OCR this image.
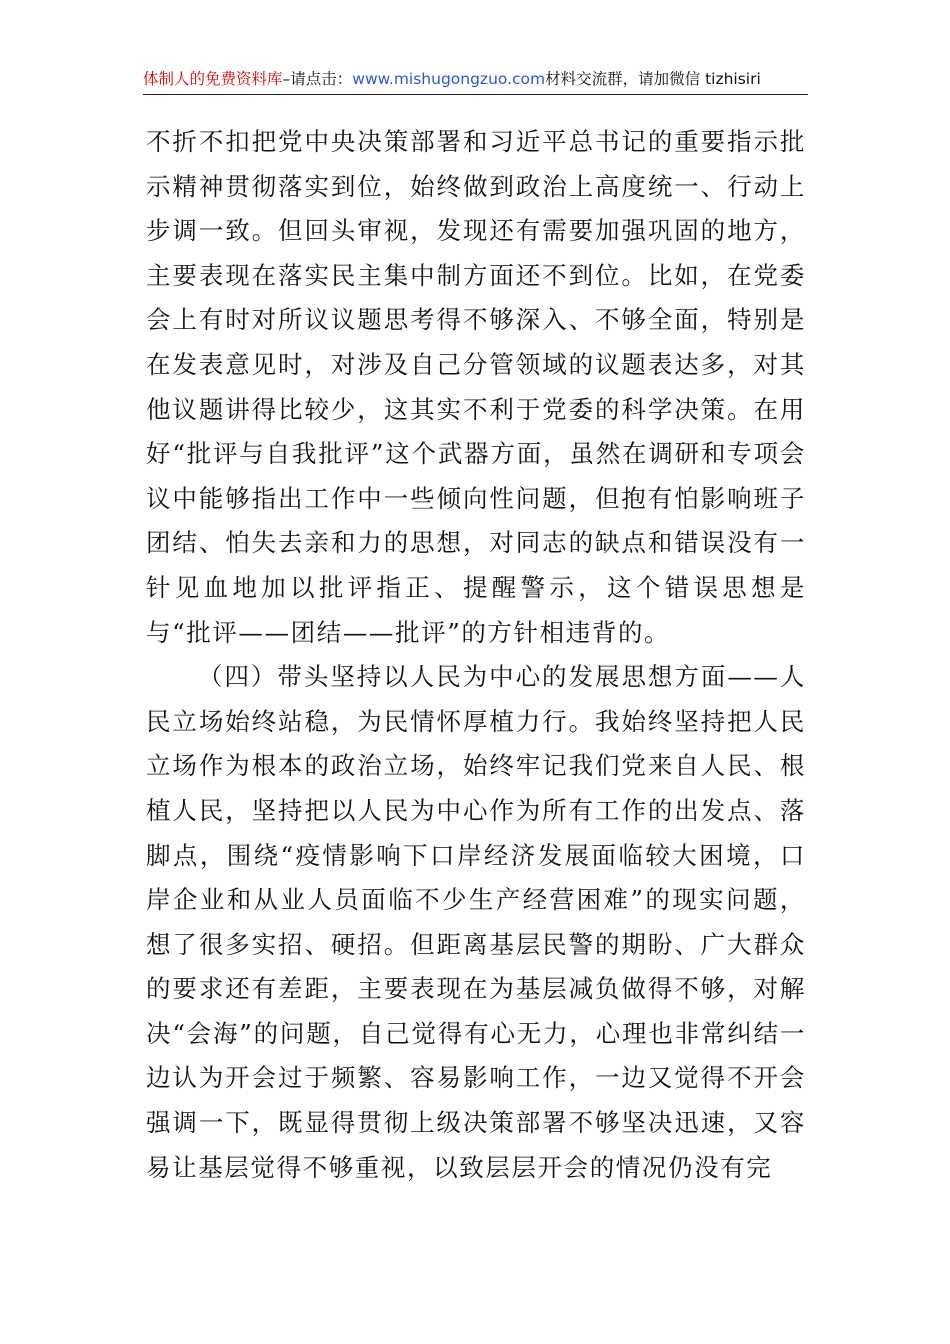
体制人的免费资料库–请点击：www.mishugongzuo.com材料交流群，请加微信 tizhisiri

不折不扣把党中央决策部署和习近平总书记的重要指示批示精神贯彻落实到位，始终做到政治上高度统一、行动上步调一致。但回头审视，发现还有需要加强巩固的地方，主要表现在落实民主集中制方面还不到位。比如，在党委会上有时对所议议题思考得不够深入、不够全面，特别是在发表意见时，对涉及自己分管领域的议题表达多，对其他议题讲得比较少，这其实不利于党委的科学决策。在用好“批评与自我批评”这个武器方面，虽然在调研和专项会议中能够指出工作中一些倾向性问题，但抱有怕影响班子团结、怕失去亲和力的思想，对同志的缺点和错误没有一针见血地加以批评指正、提醒警示，这个错误思想是与“批评——团结——批评”的方针相违背的。

（四）带头坚持以人民为中心的发展思想方面——人民立场始终站稳，为民情怀厚植力行。我始终坚持把人民立场作为根本的政治立场，始终牢记我们党来自人民、根植人民，坚持把以人民为中心作为所有工作的出发点、落脚点，围绕“疫情影响下口岸经济发展面临较大困境，口岸企业和从业人员面临不少生产经营困难”的现实问题，想了很多实招、硬招。但距离基层民警的期盼、广大群众的要求还有差距，主要表现在为基层减负做得不够，对解决“会海”的问题，自己觉得有心无力，心理也非常纠结一边认为开会过于频繁、容易影响工作，一边又觉得不开会强调一下，既显得贯彻上级决策部署不够坚决迅速，又容易让基层觉得不够重视，以致层层开会的情况仍没有完
